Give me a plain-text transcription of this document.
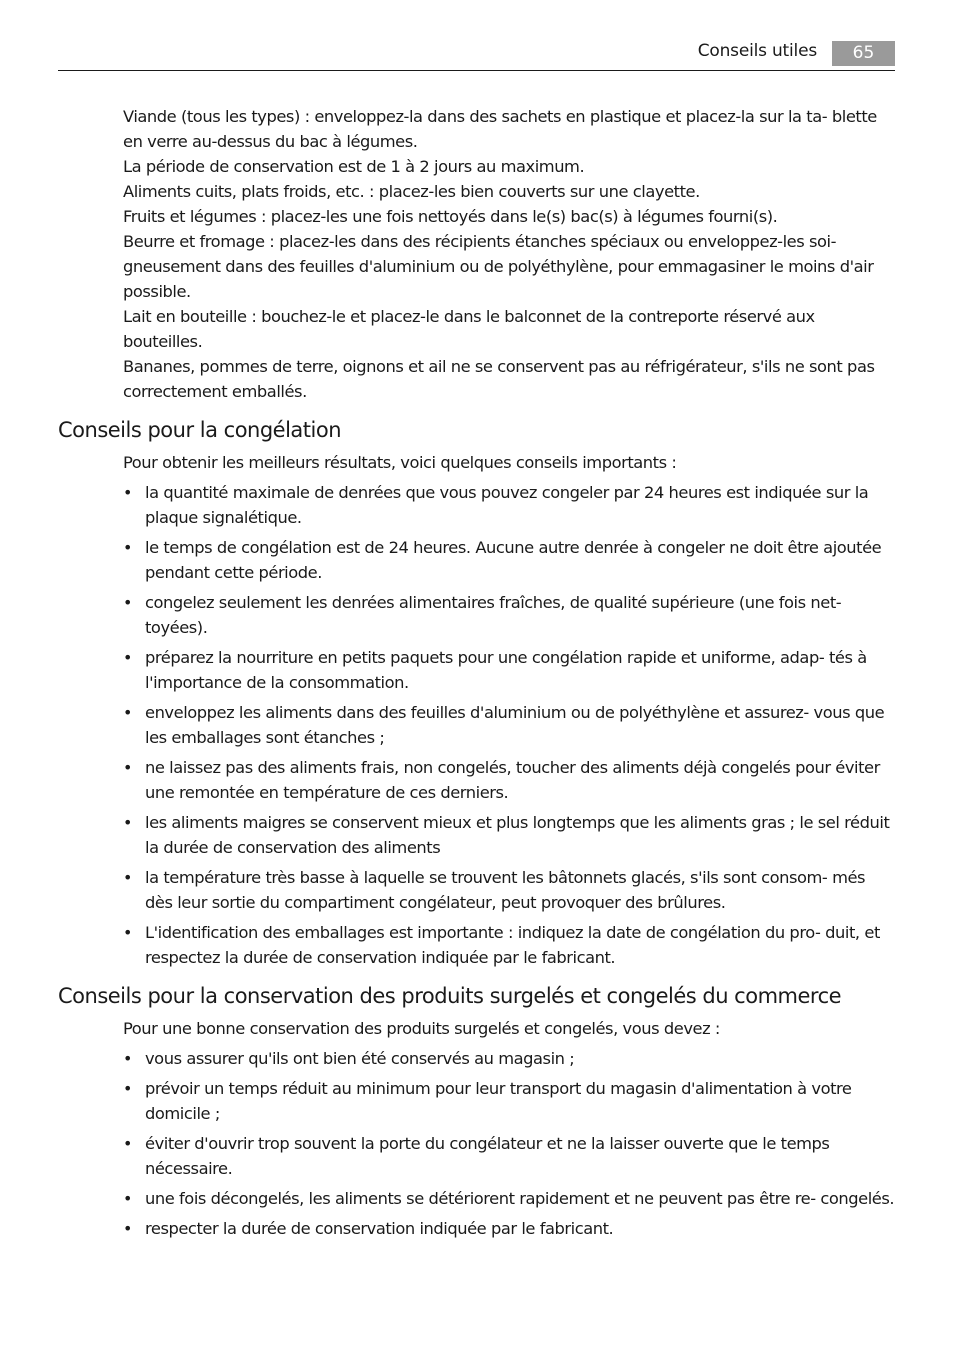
Conseils utiles	65
Viande (tous les types) : enveloppez-la dans des sachets en plastique et placez-la sur la ta- blette en verre au-dessus du bac à légumes.
La période de conservation est de 1 à 2 jours au maximum.
Aliments cuits, plats froids, etc. : placez-les bien couverts sur une clayette.
Fruits et légumes : placez-les une fois nettoyés dans le(s) bac(s) à légumes fourni(s).
Beurre et fromage : placez-les dans des récipients étanches spéciaux ou enveloppez-les soi- gneusement dans des feuilles d'aluminium ou de polyéthylène, pour emmagasiner le moins d'air possible.
Lait en bouteille : bouchez-le et placez-le dans le balconnet de la contreporte réservé aux bouteilles.
Bananes, pommes de terre, oignons et ail ne se conservent pas au réfrigérateur, s'ils ne sont pas correctement emballés.
Conseils pour la congélation

Pour obtenir les meilleurs résultats, voici quelques conseils importants :

• la quantité maximale de denrées que vous pouvez congeler par 24 heures est indiquée sur la plaque signalétique.
• le temps de congélation est de 24 heures. Aucune autre denrée à congeler ne doit être ajoutée pendant cette période.
• congelez seulement les denrées alimentaires fraîches, de qualité supérieure (une fois net- toyées).
• préparez la nourriture en petits paquets pour une congélation rapide et uniforme, adap- tés à l'importance de la consommation.
• enveloppez les aliments dans des feuilles d'aluminium ou de polyéthylène et assurez- vous que les emballages sont étanches ;
• ne laissez pas des aliments frais, non congelés, toucher des aliments déjà congelés pour éviter une remontée en température de ces derniers.
• les aliments maigres se conservent mieux et plus longtemps que les aliments gras ; le sel réduit la durée de conservation des aliments
• la température très basse à laquelle se trouvent les bâtonnets glacés, s'ils sont consom- més dès leur sortie du compartiment congélateur, peut provoquer des brûlures.
• L'identification des emballages est importante : indiquez la date de congélation du pro- duit, et respectez la durée de conservation indiquée par le fabricant.
Conseils pour la conservation des produits surgelés et congelés du commerce

Pour une bonne conservation des produits surgelés et congelés, vous devez :

• vous assurer qu'ils ont bien été conservés au magasin ;
• prévoir un temps réduit au minimum pour leur transport du magasin d'alimentation à votre domicile ;
• éviter d'ouvrir trop souvent la porte du congélateur et ne la laisser ouverte que le temps nécessaire.
• une fois décongelés, les aliments se détériorent rapidement et ne peuvent pas être re- congelés.
• respecter la durée de conservation indiquée par le fabricant.
